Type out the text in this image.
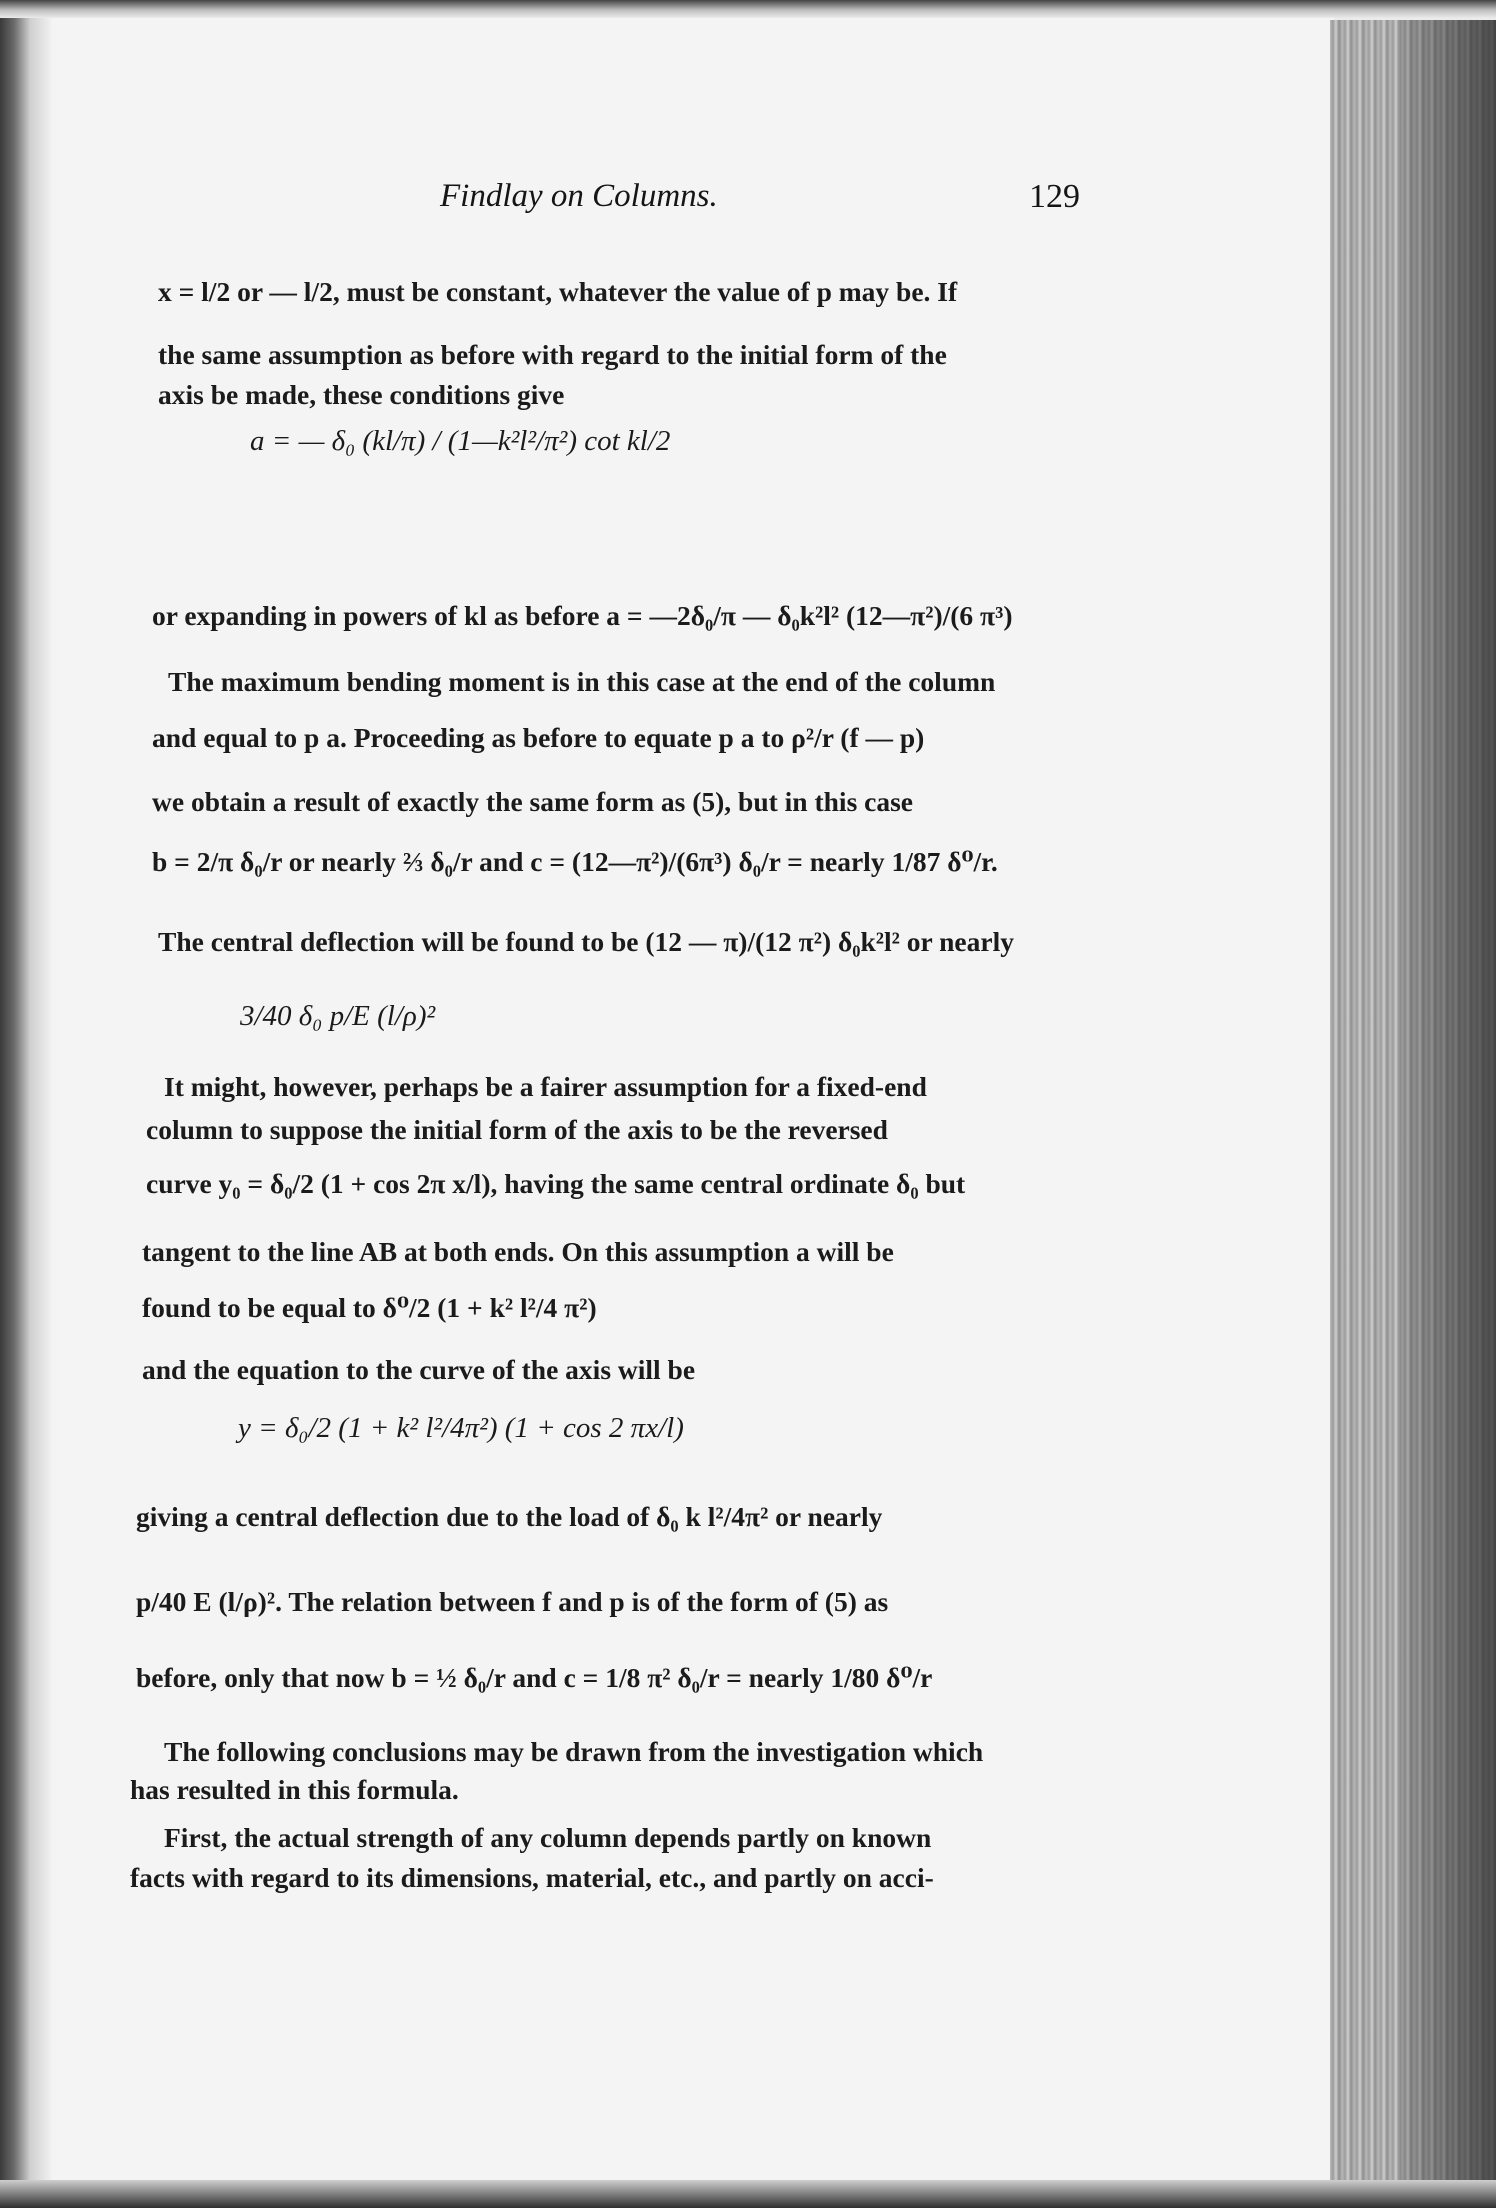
Findlay on Columns.	129
x = l/2 or — l/2, must be constant, whatever the value of p may be. If
the same assumption as before with regard to the initial form of the
axis be made, these conditions give
a = — δ₀ (kl/π) / (1—k²l²/π²) cot kl/2
or expanding in powers of kl as before a = —2δ₀/π — δ₀k²l² (12—π²)/(6 π³)
The maximum bending moment is in this case at the end of the column
and equal to p a. Proceeding as before to equate p a to ρ²/r (f — p)
we obtain a result of exactly the same form as (5), but in this case
b = 2/π δ₀/r or nearly ⅔ δ₀/r and c = (12—π²)/(6π³) δ₀/r = nearly 1/87 δ⁰/r.
The central deflection will be found to be (12 — π)/(12 π²) δ₀k²l² or nearly
3/40 δ₀ p/E (l/ρ)²
It might, however, perhaps be a fairer assumption for a fixed-end
column to suppose the initial form of the axis to be the reversed
curve y₀ = δ₀/2 (1 + cos 2π x/l), having the same central ordinate δ₀ but
tangent to the line AB at both ends. On this assumption a will be
found to be equal to δ⁰/2 (1 + k² l²/4 π²)
and the equation to the curve of the axis will be
y = δ₀/2 (1 + k² l²/4π²) (1 + cos 2 πx/l)
giving a central deflection due to the load of δ₀ k l²/4π² or nearly
p/40 E (l/ρ)². The relation between f and p is of the form of (5) as
before, only that now b = ½ δ₀/r and c = 1/8 π² δ₀/r = nearly 1/80 δ⁰/r
The following conclusions may be drawn from the investigation which
has resulted in this formula.
First, the actual strength of any column depends partly on known
facts with regard to its dimensions, material, etc., and partly on acci-
